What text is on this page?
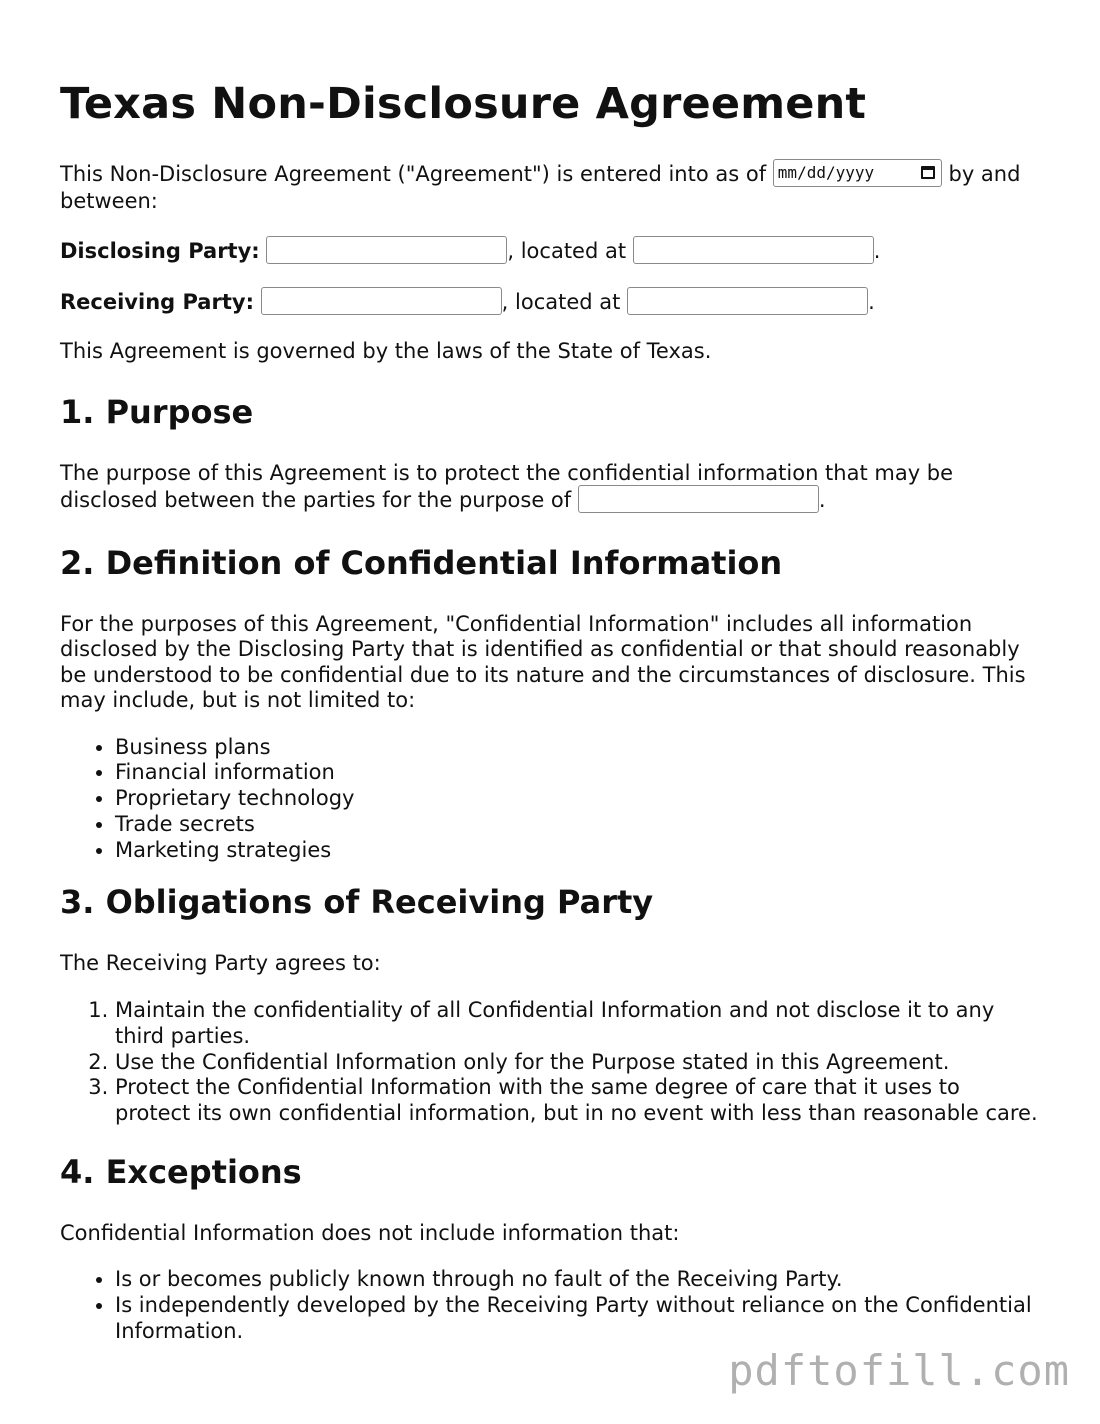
Texas Non-Disclosure Agreement

This Non-Disclosure Agreement ("Agreement") is entered into as of mm/dd/yyyy	by and between:

Disclosing Party:	, located at	.

Receiving Party:	, located at	.

This Agreement is governed by the laws of the State of Texas.

1. Purpose

The purpose of this Agreement is to protect the confidential information that may be disclosed between the parties for the purpose of	.

2. Definition of Confidential Information

For the purposes of this Agreement, "Confidential Information" includes all information disclosed by the Disclosing Party that is identified as confidential or that should reasonably be understood to be confidential due to its nature and the circumstances of disclosure. This may include, but is not limited to:

• Business plans
• Financial information
• Proprietary technology
• Trade secrets
• Marketing strategies
3. Obligations of Receiving Party

The Receiving Party agrees to:

1. Maintain the confidentiality of all Confidential Information and not disclose it to any third parties.
2. Use the Confidential Information only for the Purpose stated in this Agreement.
3. Protect the Confidential Information with the same degree of care that it uses to protect its own confidential information, but in no event with less than reasonable care.
4. Exceptions

Confidential Information does not include information that:

• Is or becomes publicly known through no fault of the Receiving Party.
• Is independently developed by the Receiving Party without reliance on the Confidential Information.
pdftofill.com
